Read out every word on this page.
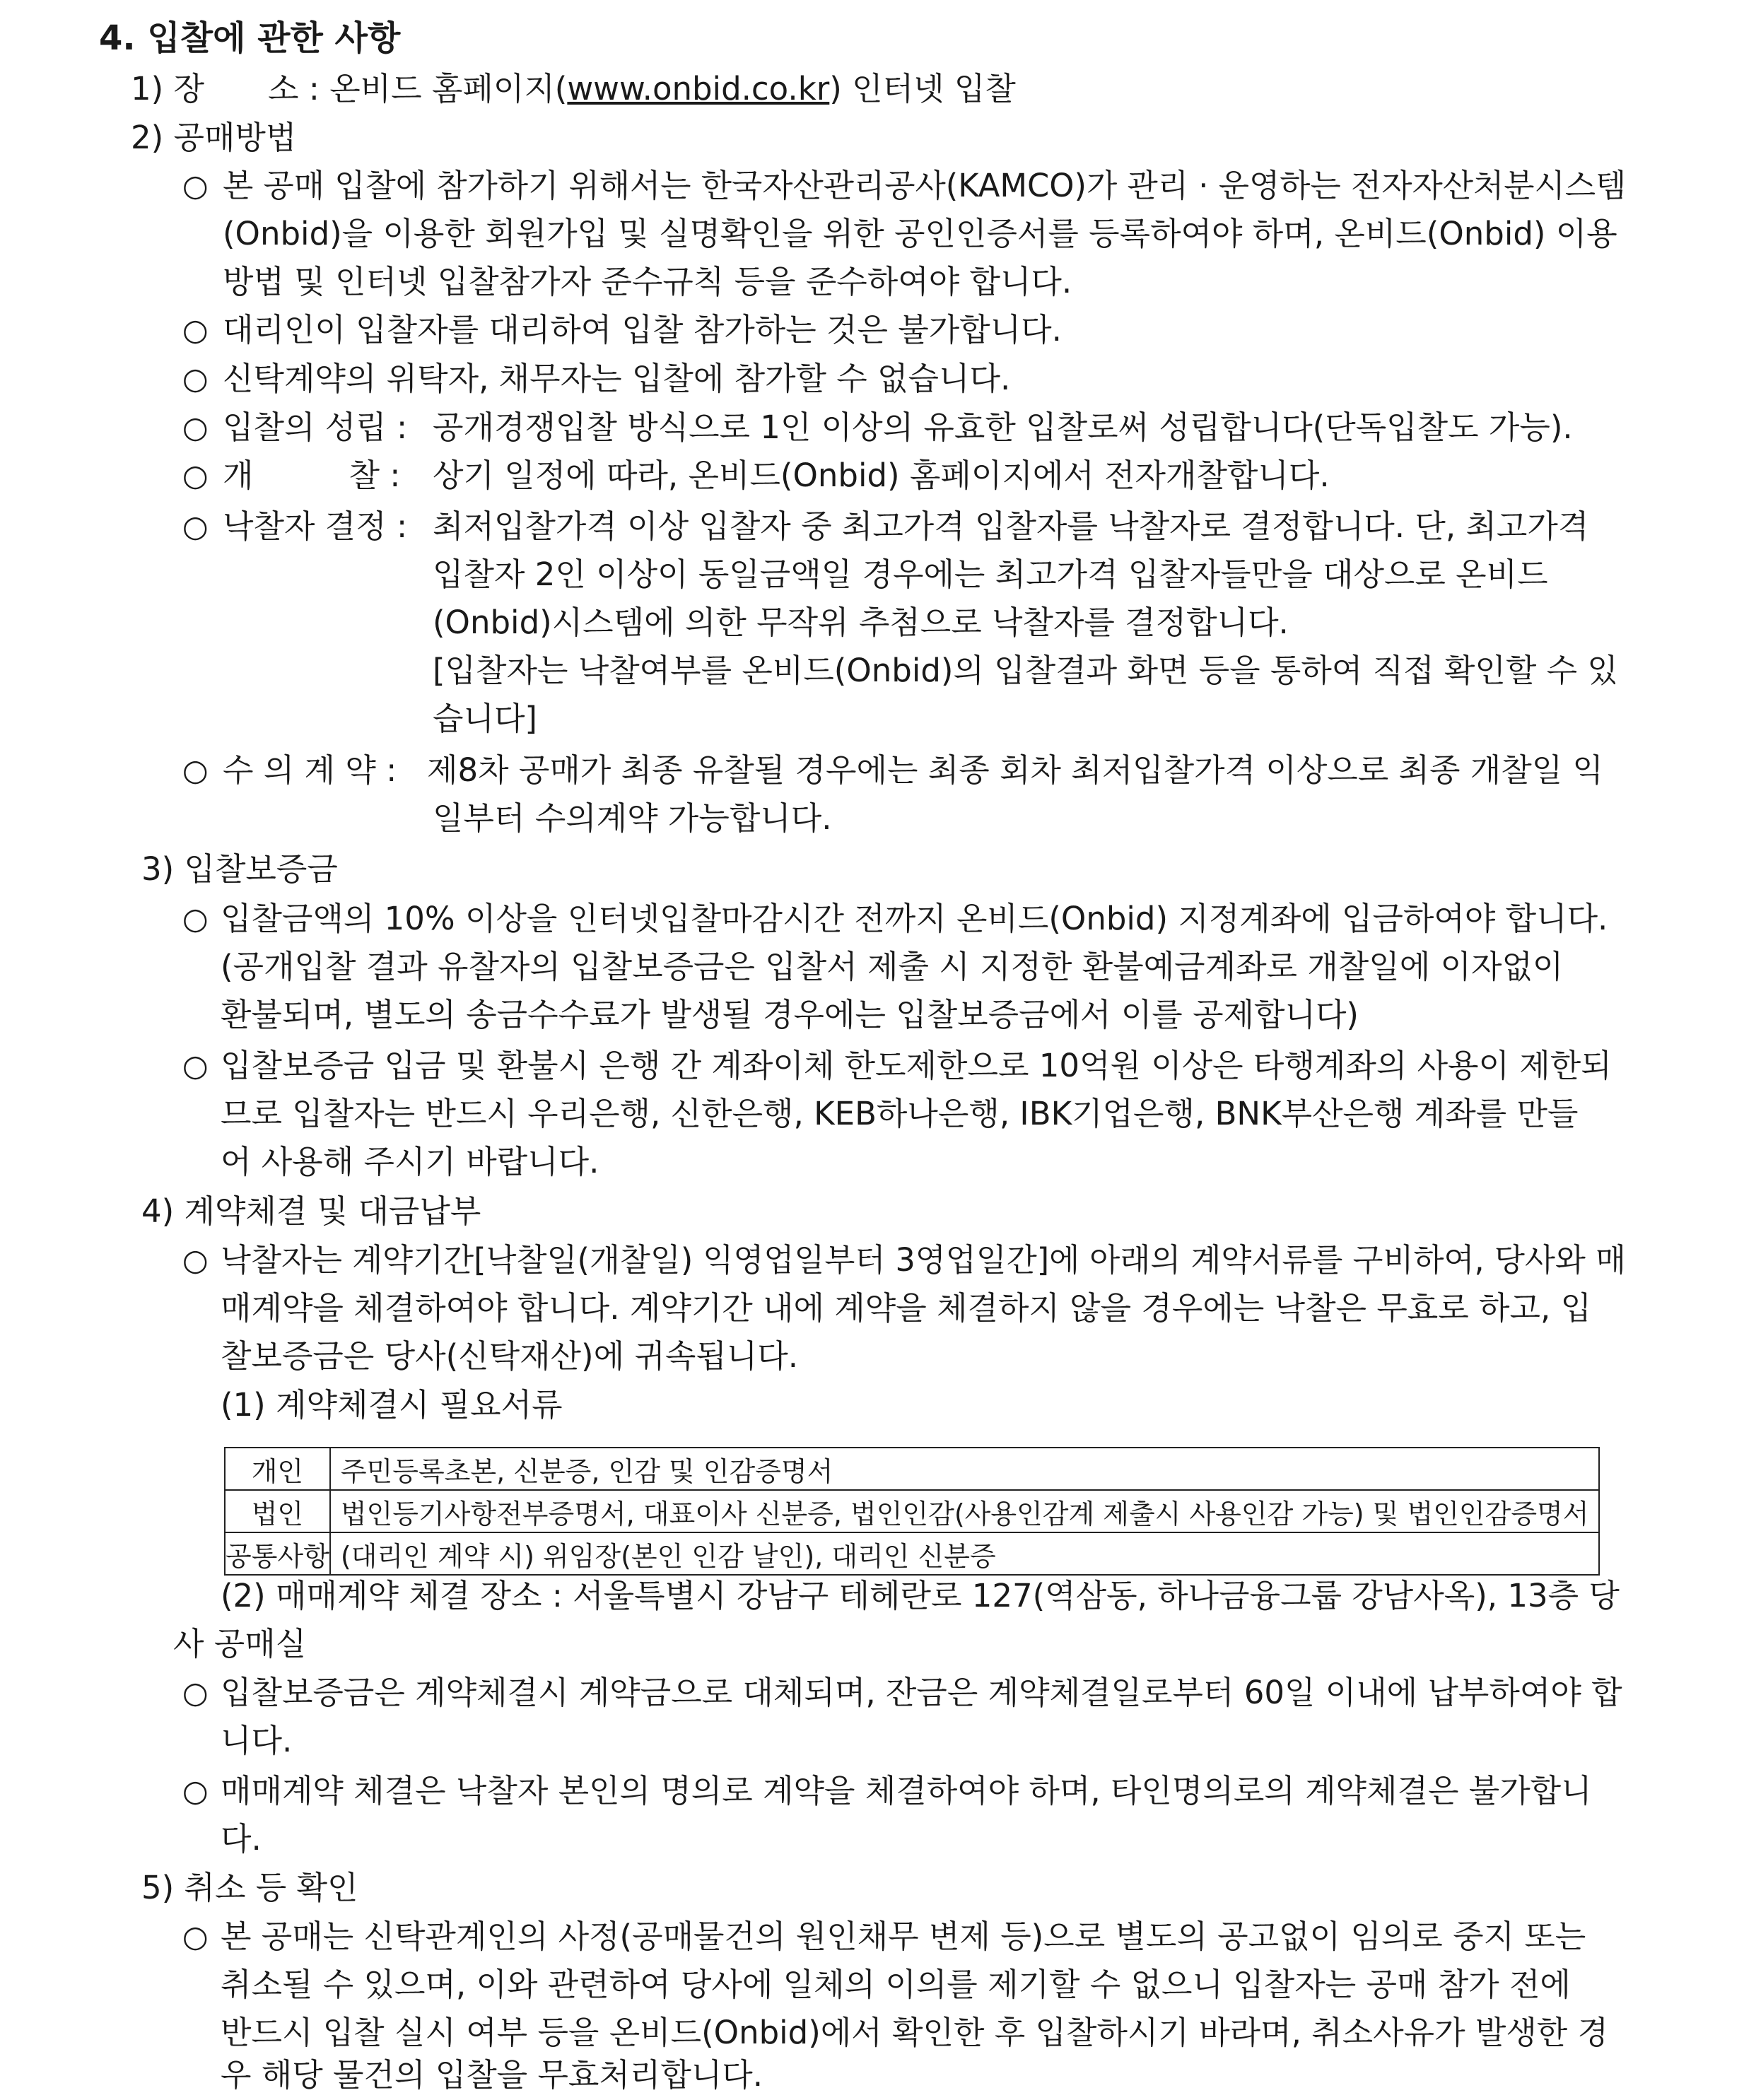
4. 입찰에 관한 사항
1) 장　　소 : 온비드 홈페이지(www.onbid.co.kr) 인터넷 입찰
2) 공매방법
○ 본 공매 입찰에 참가하기 위해서는 한국자산관리공사(KAMCO)가 관리 · 운영하는 전자자산처분시스템
(Onbid)을 이용한 회원가입 및 실명확인을 위한 공인인증서를 등록하여야 하며, 온비드(Onbid) 이용
방법 및 인터넷 입찰참가자 준수규칙 등을 준수하여야 합니다.
○ 대리인이 입찰자를 대리하여 입찰 참가하는 것은 불가합니다.
○ 신탁계약의 위탁자, 채무자는 입찰에 참가할 수 없습니다.
○ 입찰의 성립 : 공개경쟁입찰 방식으로 1인 이상의 유효한 입찰로써 성립합니다(단독입찰도 가능).
○ 개　　　찰 : 상기 일정에 따라, 온비드(Onbid) 홈페이지에서 전자개찰합니다.
○ 낙찰자 결정 : 최저입찰가격 이상 입찰자 중 최고가격 입찰자를 낙찰자로 결정합니다. 단, 최고가격
입찰자 2인 이상이 동일금액일 경우에는 최고가격 입찰자들만을 대상으로 온비드
(Onbid)시스템에 의한 무작위 추첨으로 낙찰자를 결정합니다.
[입찰자는 낙찰여부를 온비드(Onbid)의 입찰결과 화면 등을 통하여 직접 확인할 수 있
습니다]
○ 수 의 계 약 : 제8차 공매가 최종 유찰될 경우에는 최종 회차 최저입찰가격 이상으로 최종 개찰일 익
일부터 수의계약 가능합니다.
3) 입찰보증금
○ 입찰금액의 10% 이상을 인터넷입찰마감시간 전까지 온비드(Onbid) 지정계좌에 입금하여야 합니다.
(공개입찰 결과 유찰자의 입찰보증금은 입찰서 제출 시 지정한 환불예금계좌로 개찰일에 이자없이
환불되며, 별도의 송금수수료가 발생될 경우에는 입찰보증금에서 이를 공제합니다)
○ 입찰보증금 입금 및 환불시 은행 간 계좌이체 한도제한으로 10억원 이상은 타행계좌의 사용이 제한되
므로 입찰자는 반드시 우리은행, 신한은행, KEB하나은행, IBK기업은행, BNK부산은행 계좌를 만들
어 사용해 주시기 바랍니다.
4) 계약체결 및 대금납부
○ 낙찰자는 계약기간[낙찰일(개찰일) 익영업일부터 3영업일간]에 아래의 계약서류를 구비하여, 당사와 매
매계약을 체결하여야 합니다. 계약기간 내에 계약을 체결하지 않을 경우에는 낙찰은 무효로 하고, 입
찰보증금은 당사(신탁재산)에 귀속됩니다.
(1) 계약체결시 필요서류
개인	주민등록초본, 신분증, 인감 및 인감증명서
법인	법인등기사항전부증명서, 대표이사 신분증, 법인인감(사용인감계 제출시 사용인감 가능) 및 법인인감증명서
공통사항	(대리인 계약 시) 위임장(본인 인감 날인), 대리인 신분증
(2) 매매계약 체결 장소 : 서울특별시 강남구 테헤란로 127(역삼동, 하나금융그룹 강남사옥), 13층 당
사 공매실
○ 입찰보증금은 계약체결시 계약금으로 대체되며, 잔금은 계약체결일로부터 60일 이내에 납부하여야 합
니다.
○ 매매계약 체결은 낙찰자 본인의 명의로 계약을 체결하여야 하며, 타인명의로의 계약체결은 불가합니
다.
5) 취소 등 확인
○ 본 공매는 신탁관계인의 사정(공매물건의 원인채무 변제 등)으로 별도의 공고없이 임의로 중지 또는
취소될 수 있으며, 이와 관련하여 당사에 일체의 이의를 제기할 수 없으니 입찰자는 공매 참가 전에
반드시 입찰 실시 여부 등을 온비드(Onbid)에서 확인한 후 입찰하시기 바라며, 취소사유가 발생한 경
우 해당 물건의 입찰을 무효처리합니다.
